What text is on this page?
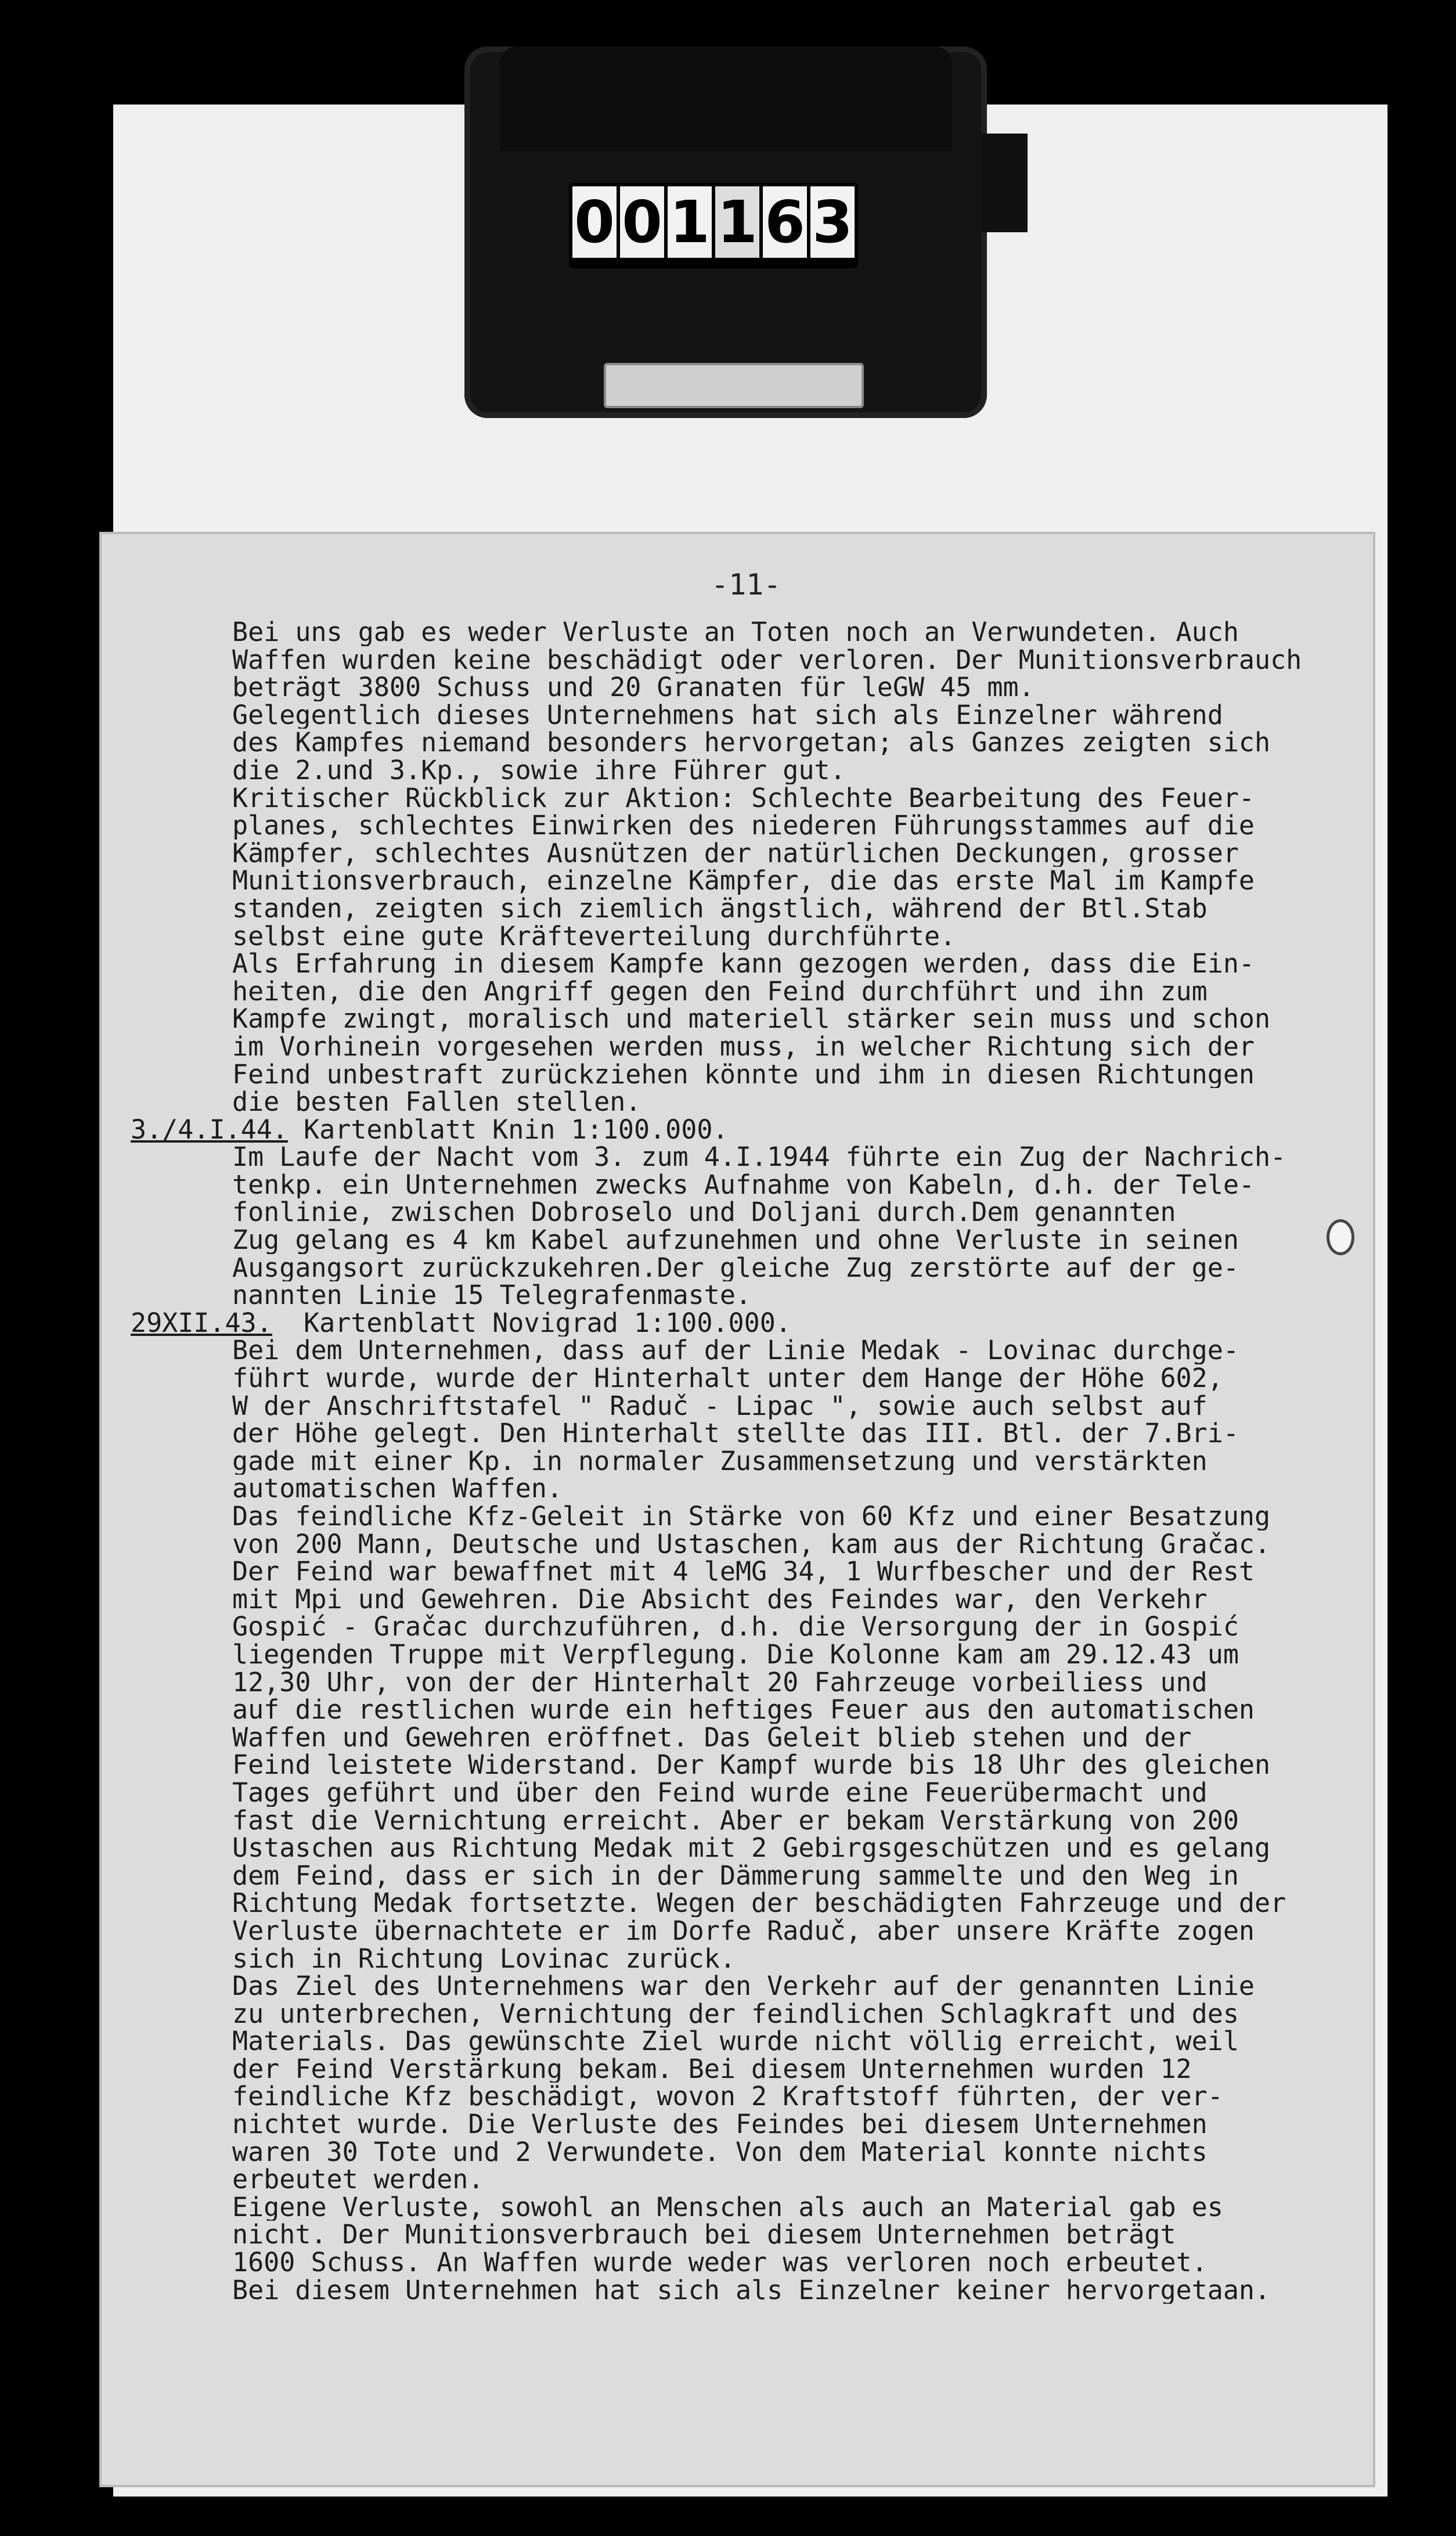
0 0 1 1 6 3
-11-
Bei uns gab es weder Verluste an Toten noch an Verwundeten. Auch
Waffen wurden keine beschädigt oder verloren. Der Munitionsverbrauch
beträgt 3800 Schuss und 20 Granaten für leGW 45 mm.
Gelegentlich dieses Unternehmens hat sich als Einzelner während
des Kampfes niemand besonders hervorgetan; als Ganzes zeigten sich
die 2.und 3.Kp., sowie ihre Führer gut.
Kritischer Rückblick zur Aktion: Schlechte Bearbeitung des Feuer-
planes, schlechtes Einwirken des niederen Führungsstammes auf die
Kämpfer, schlechtes Ausnützen der natürlichen Deckungen, grosser
Munitionsverbrauch, einzelne Kämpfer, die das erste Mal im Kampfe
standen, zeigten sich ziemlich ängstlich, während der Btl.Stab
selbst eine gute Kräfteverteilung durchführte.
Als Erfahrung in diesem Kampfe kann gezogen werden, dass die Ein-
heiten, die den Angriff gegen den Feind durchführt und ihn zum
Kampfe zwingt, moralisch und materiell stärker sein muss und schon
im Vorhinein vorgesehen werden muss, in welcher Richtung sich der
Feind unbestraft zurückziehen könnte und ihm in diesen Richtungen
die besten Fallen stellen.
3./4.I.44. Kartenblatt Knin 1:100.000.
Im Laufe der Nacht vom 3. zum 4.I.1944 führte ein Zug der Nachrich-
tenkp. ein Unternehmen zwecks Aufnahme von Kabeln, d.h. der Tele-
fonlinie, zwischen Dobroselo und Doljani durch.Dem genannten
Zug gelang es 4 km Kabel aufzunehmen und ohne Verluste in seinen
Ausgangsort zurückzukehren.Der gleiche Zug zerstörte auf der ge-
nannten Linie 15 Telegrafenmaste.
29XII.43.  Kartenblatt Novigrad 1:100.000.
Bei dem Unternehmen, dass auf der Linie Medak - Lovinac durchge-
führt wurde, wurde der Hinterhalt unter dem Hange der Höhe 602,
W der Anschriftstafel " Raduč - Lipac ", sowie auch selbst auf
der Höhe gelegt. Den Hinterhalt stellte das III. Btl. der 7.Bri-
gade mit einer Kp. in normaler Zusammensetzung und verstärkten
automatischen Waffen.
Das feindliche Kfz-Geleit in Stärke von 60 Kfz und einer Besatzung
von 200 Mann, Deutsche und Ustaschen, kam aus der Richtung Gračac.
Der Feind war bewaffnet mit 4 leMG 34, 1 Wurfbescher und der Rest
mit Mpi und Gewehren. Die Absicht des Feindes war, den Verkehr
Gospić - Gračac durchzuführen, d.h. die Versorgung der in Gospić
liegenden Truppe mit Verpflegung. Die Kolonne kam am 29.12.43 um
12,30 Uhr, von der der Hinterhalt 20 Fahrzeuge vorbeiliess und
auf die restlichen wurde ein heftiges Feuer aus den automatischen
Waffen und Gewehren eröffnet. Das Geleit blieb stehen und der
Feind leistete Widerstand. Der Kampf wurde bis 18 Uhr des gleichen
Tages geführt und über den Feind wurde eine Feuerübermacht und
fast die Vernichtung erreicht. Aber er bekam Verstärkung von 200
Ustaschen aus Richtung Medak mit 2 Gebirgsgeschützen und es gelang
dem Feind, dass er sich in der Dämmerung sammelte und den Weg in
Richtung Medak fortsetzte. Wegen der beschädigten Fahrzeuge und der
Verluste übernachtete er im Dorfe Raduč, aber unsere Kräfte zogen
sich in Richtung Lovinac zurück.
Das Ziel des Unternehmens war den Verkehr auf der genannten Linie
zu unterbrechen, Vernichtung der feindlichen Schlagkraft und des
Materials. Das gewünschte Ziel wurde nicht völlig erreicht, weil
der Feind Verstärkung bekam. Bei diesem Unternehmen wurden 12
feindliche Kfz beschädigt, wovon 2 Kraftstoff führten, der ver-
nichtet wurde. Die Verluste des Feindes bei diesem Unternehmen
waren 30 Tote und 2 Verwundete. Von dem Material konnte nichts
erbeutet werden.
Eigene Verluste, sowohl an Menschen als auch an Material gab es
nicht. Der Munitionsverbrauch bei diesem Unternehmen beträgt
1600 Schuss. An Waffen wurde weder was verloren noch erbeutet.
Bei diesem Unternehmen hat sich als Einzelner keiner hervorgetaan.
